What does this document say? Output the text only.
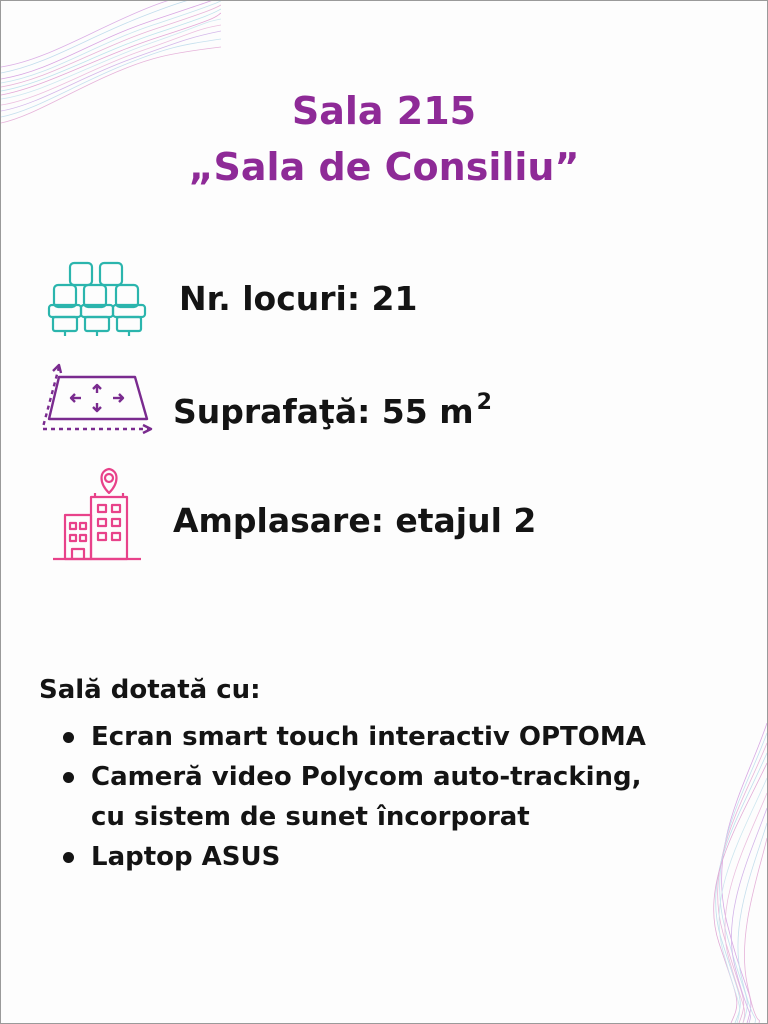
Sala 215
„Sala de Consiliu”
Nr. locuri: 21
Suprafaţă: 55 m $^2$
Amplasare: etajul 2
Sală dotată cu:
Ecran smart touch interactiv OPTOMA
Cameră video Polycom auto-tracking,
cu sistem de sunet încorporat
Laptop ASUS
